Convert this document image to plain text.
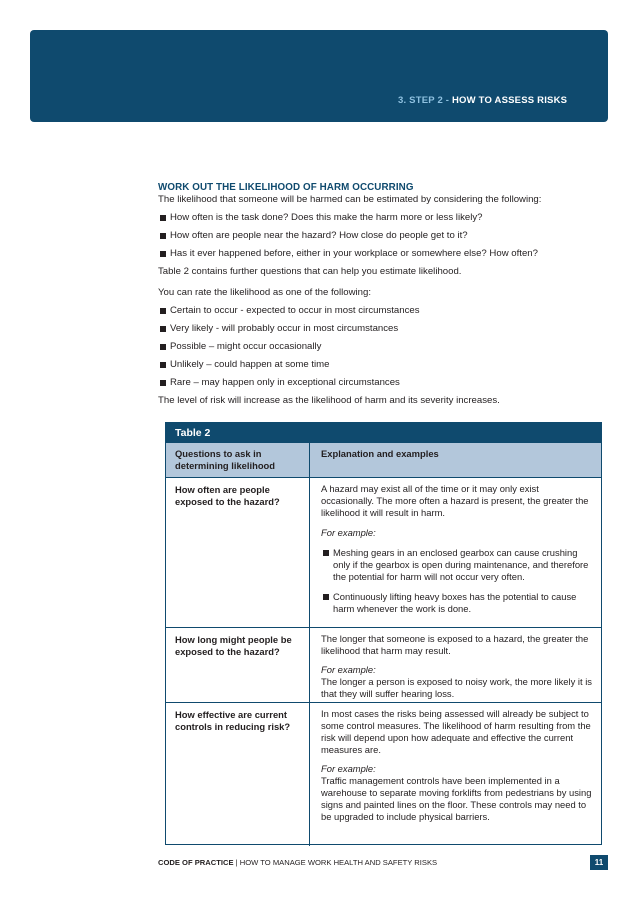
3. STEP 2 - HOW TO ASSESS RISKS
WORK OUT THE LIKELIHOOD OF HARM OCCURRING
The likelihood that someone will be harmed can be estimated by considering the following:
How often is the task done? Does this make the harm more or less likely?
How often are people near the hazard? How close do people get to it?
Has it ever happened before, either in your workplace or somewhere else? How often?
Table 2 contains further questions that can help you estimate likelihood.
You can rate the likelihood as one of the following:
Certain to occur - expected to occur in most circumstances
Very likely - will probably occur in most circumstances
Possible – might occur occasionally
Unlikely – could happen at some time
Rare – may happen only in exceptional circumstances
The level of risk will increase as the likelihood of harm and its severity increases.
Table 2
Questions to ask in determining likelihood
Explanation and examples
How often are people exposed to the hazard?
A hazard may exist all of the time or it may only exist occasionally. The more often a hazard is present, the greater the likelihood it will result in harm.
For example:
Meshing gears in an enclosed gearbox can cause crushing only if the gearbox is open during maintenance, and therefore the potential for harm will not occur very often.
Continuously lifting heavy boxes has the potential to cause harm whenever the work is done.
How long might people be exposed to the hazard?
The longer that someone is exposed to a hazard, the greater the likelihood that harm may result.
For example:
The longer a person is exposed to noisy work, the more likely it is that they will suffer hearing loss.
How effective are current controls in reducing risk?
In most cases the risks being assessed will already be subject to some control measures. The likelihood of harm resulting from the risk will depend upon how adequate and effective the current measures are.
For example:
Traffic management controls have been implemented in a warehouse to separate moving forklifts from pedestrians by using signs and painted lines on the floor. These controls may need to be upgraded to include physical barriers.
CODE OF PRACTICE | HOW TO MANAGE WORK HEALTH AND SAFETY RISKS	11
